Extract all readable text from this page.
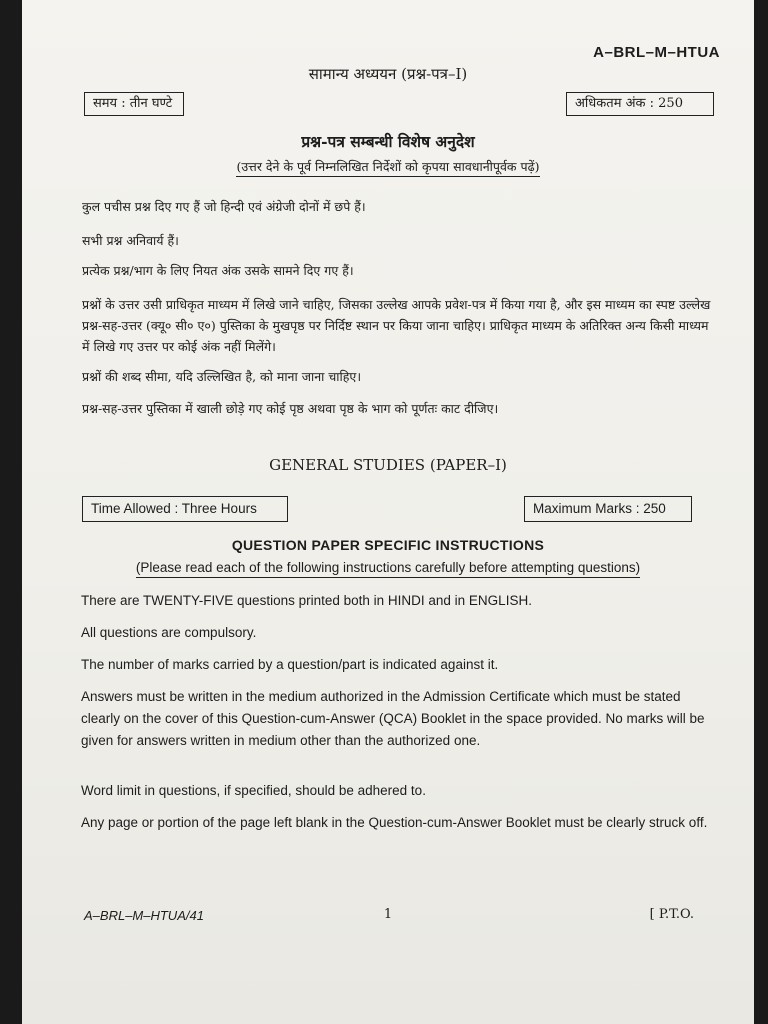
A–BRL–M–HTUA
सामान्य अध्ययन (प्रश्न-पत्र–I)
समय : तीन घण्टे	अधिकतम अंक : 250
प्रश्न-पत्र सम्बन्धी विशेष अनुदेश
(उत्तर देने के पूर्व निम्नलिखित निर्देशों को कृपया सावधानीपूर्वक पढ़ें)
कुल पचीस प्रश्न दिए गए हैं जो हिन्दी एवं अंग्रेजी दोनों में छपे हैं।
सभी प्रश्न अनिवार्य हैं।
प्रत्येक प्रश्न/भाग के लिए नियत अंक उसके सामने दिए गए हैं।
प्रश्नों के उत्तर उसी प्राधिकृत माध्यम में लिखे जाने चाहिए, जिसका उल्लेख आपके प्रवेश-पत्र में किया गया है, और इस माध्यम का स्पष्ट उल्लेख प्रश्न-सह-उत्तर (क्यू० सी० ए०) पुस्तिका के मुखपृष्ठ पर निर्दिष्ट स्थान पर किया जाना चाहिए। प्राधिकृत माध्यम के अतिरिक्त अन्य किसी माध्यम में लिखे गए उत्तर पर कोई अंक नहीं मिलेंगे।
प्रश्नों की शब्द सीमा, यदि उल्लिखित है, को माना जाना चाहिए।
प्रश्न-सह-उत्तर पुस्तिका में खाली छोड़े गए कोई पृष्ठ अथवा पृष्ठ के भाग को पूर्णतः काट दीजिए।
GENERAL STUDIES (PAPER–I)
Time Allowed : Three Hours	Maximum Marks : 250
QUESTION PAPER SPECIFIC INSTRUCTIONS
(Please read each of the following instructions carefully before attempting questions)
There are TWENTY-FIVE questions printed both in HINDI and in ENGLISH.
All questions are compulsory.
The number of marks carried by a question/part is indicated against it.
Answers must be written in the medium authorized in the Admission Certificate which must be stated clearly on the cover of this Question-cum-Answer (QCA) Booklet in the space provided. No marks will be given for answers written in medium other than the authorized one.
Word limit in questions, if specified, should be adhered to.
Any page or portion of the page left blank in the Question-cum-Answer Booklet must be clearly struck off.
A–BRL–M–HTUA/41	1	[ P.T.O.
